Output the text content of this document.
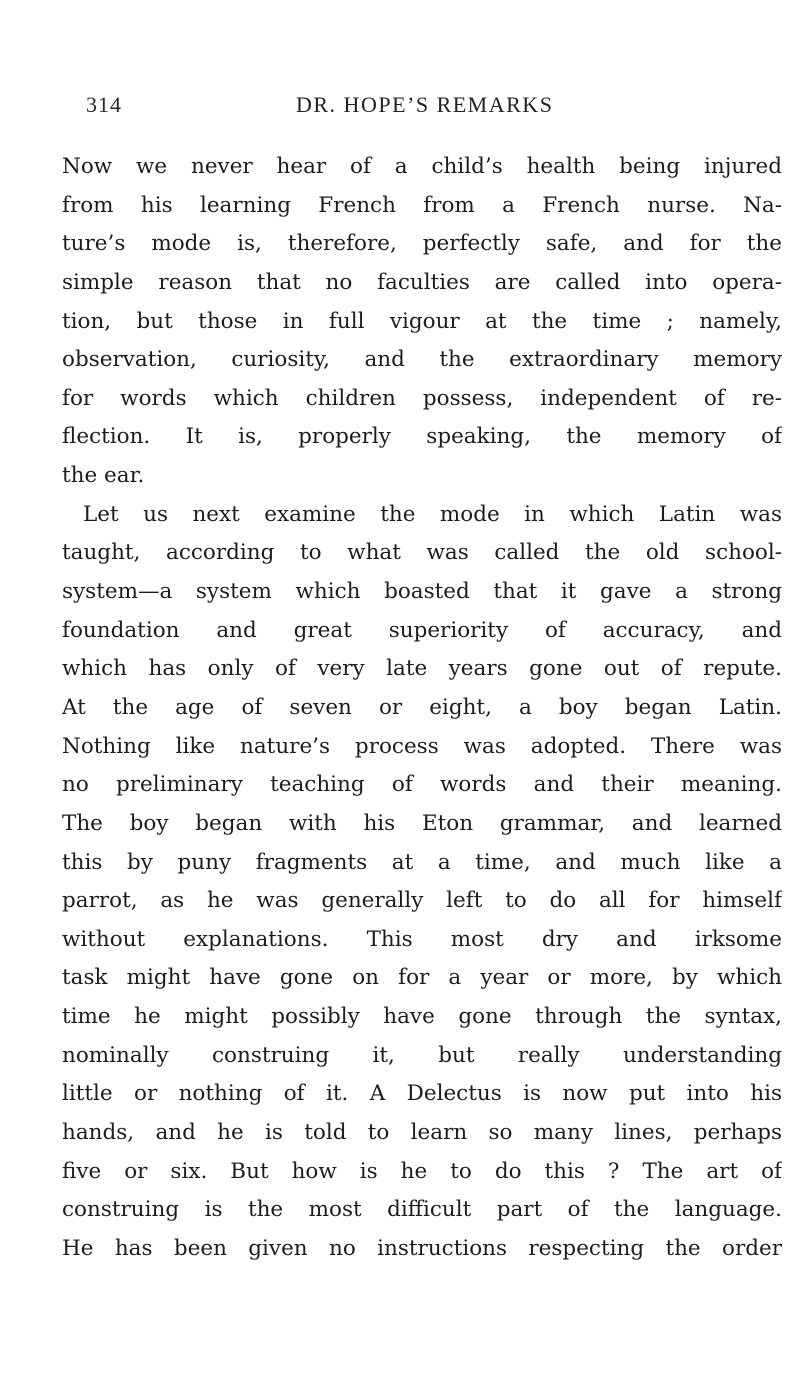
314	DR. HOPE’S REMARKS
Now we never hear of a child’s health being injured
from his learning French from a French nurse. Na-
ture’s mode is, therefore, perfectly safe, and for the
simple reason that no faculties are called into opera-
tion, but those in full vigour at the time ; namely,
observation, curiosity, and the extraordinary memory
for words which children possess, independent of re-
flection. It is, properly speaking, the memory of
the ear.
Let us next examine the mode in which Latin was
taught, according to what was called the old school-
system—a system which boasted that it gave a strong
foundation and great superiority of accuracy, and
which has only of very late years gone out of repute.
At the age of seven or eight, a boy began Latin.
Nothing like nature’s process was adopted. There was
no preliminary teaching of words and their meaning.
The boy began with his Eton grammar, and learned
this by puny fragments at a time, and much like a
parrot, as he was generally left to do all for himself
without explanations. This most dry and irksome
task might have gone on for a year or more, by which
time he might possibly have gone through the syntax,
nominally construing it, but really understanding
little or nothing of it. A Delectus is now put into his
hands, and he is told to learn so many lines, perhaps
five or six. But how is he to do this ? The art of
construing is the most difficult part of the language.
He has been given no instructions respecting the order
